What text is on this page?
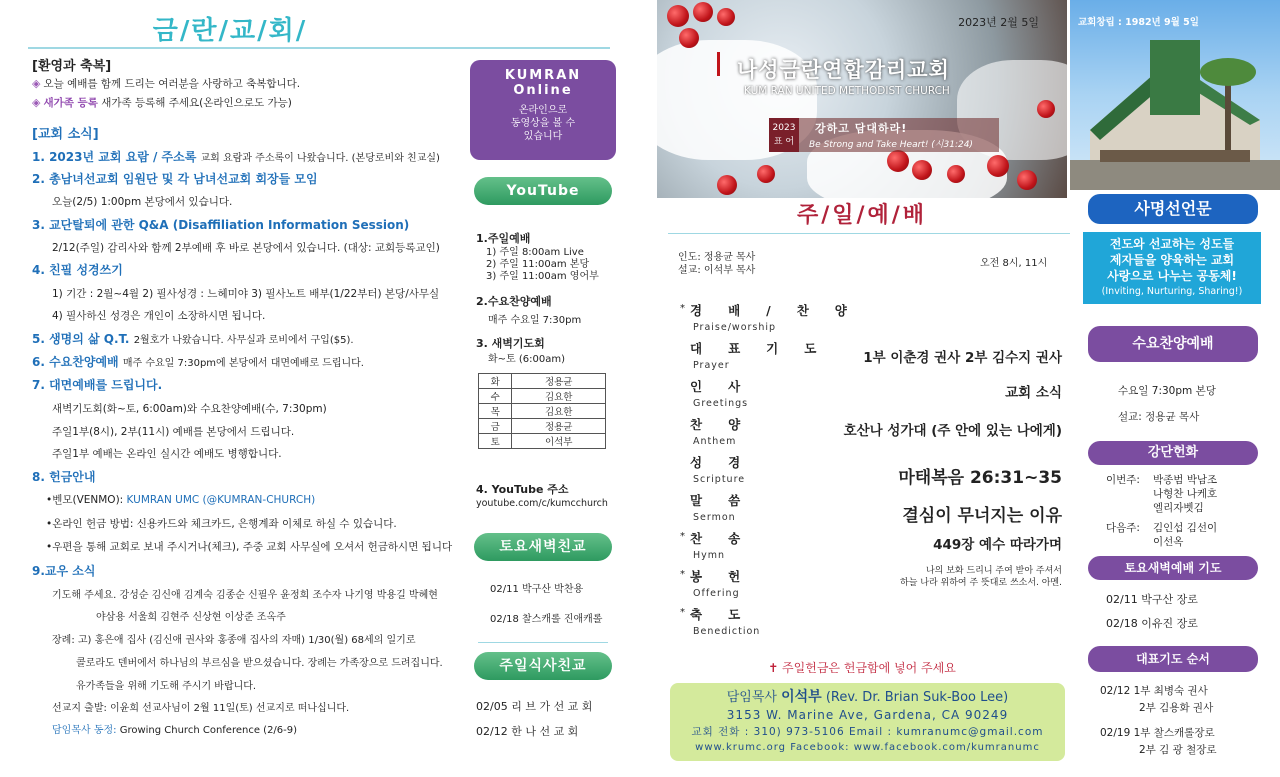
금/란/교/회/
[환영과 축복]
◈ 오늘 예배를 함께 드리는 여러분을 사랑하고 축복합니다.
◈ 새가족 등록 새가족 등록해 주세요(온라인으로도 가능)
[교회 소식]
1. 2023년 교회 요람 / 주소록 교회 요람과 주소록이 나왔습니다. (본당로비와 친교실)
2. 총남녀선교회 임원단 및 각 남녀선교회 회장들 모임
오늘(2/5) 1:00pm 본당에서 있습니다.
3. 교단탈퇴에 관한 Q&A (Disaffiliation Information Session)
2/12(주일) 감리사와 함께 2부예배 후 바로 본당에서 있습니다. (대상: 교회등록교인)
4. 친필 성경쓰기
1) 기간 : 2월~4월 2) 필사성경 : 느헤미야 3) 필사노트 배부(1/22부터) 본당/사무실
4) 필사하신 성경은 개인이 소장하시면 됩니다.
5. 생명의 삶 Q.T. 2월호가 나왔습니다. 사무실과 로비에서 구입($5).
6. 수요찬양예배 매주 수요일 7:30pm에 본당에서 대면예배로 드립니다.
7. 대면예배를 드립니다.
새벽기도회(화~토, 6:00am)와 수요찬양예배(수, 7:30pm)
주일1부(8시), 2부(11시) 예배를 본당에서 드립니다.
주일1부 예배는 온라인 실시간 예배도 병행합니다.
8. 헌금안내
•벤모(VENMO): KUMRAN UMC (@KUMRAN-CHURCH)
•온라인 헌금 방법: 신용카드와 체크카드, 은행계좌 이체로 하실 수 있습니다.
•우편을 통해 교회로 보내 주시거나(체크), 주중 교회 사무실에 오셔서 헌금하시면 됩니다
9.교우 소식
기도해 주세요. 강성순 김신애 김계숙 김종순 신필우 윤정희 조수자 나기영 박용길 박혜현
야삼용 서울희 김현주 신상현 이상준 조옥주
장례: 고) 홍은애 집사 (김신애 권사와 홍종애 집사의 자매) 1/30(월) 68세의 일기로
콜로라도 덴버에서 하나님의 부르심을 받으셨습니다. 장례는 가족장으로 드려집니다.
유가족들을 위해 기도해 주시기 바랍니다.
선교지 출발: 이윤희 선교사님이 2월 11일(토) 선교지로 떠나십니다.
담임목사 동정: Growing Church Conference (2/6-9)
KUMRAN
Online
온라인으로
동영상을 볼 수
있습니다
YouTube
1.주일예배
1) 주일 8:00am Live
2) 주일 11:00am 본당
3) 주일 11:00am 영어부
2.수요찬양예배
매주 수요일 7:30pm
3. 새벽기도회
화~토 (6:00am)
화	정용균
수	김요한
목	김요한
금	정용균
토	이석부
4. YouTube 주소
youtube.com/c/kumcchurch
토요새벽친교
02/11 박구산 박찬용
02/18 찰스캐롤 진애캐롤
주일식사친교
02/05 리 브 가 선 교 회
02/12 한 나 선 교 회
2023년 2월 5일
나성금란연합감리교회
KUM RAN UNITED METHODIST CHURCH
강하고 담대하라!
Be Strong and Take Heart! (시31:24)
2023
표 어
교회창립 : 1982년 9월 5일
주/일/예/배
인도: 정용균 목사
설교: 이석부 목사
오전 8시, 11시
* 경배/찬양
Praise/worship
대표기도
Prayer	1부 이춘경 권사 2부 김수지 권사
인사
Greetings
교회 소식
찬양
Anthem
호산나 성가대 (주 안에 있는 나에게)
성경
Scripture	마태복음 26:31~35
말씀
Sermon	결심이 무너지는 이유
* 찬송
Hymn
449장 예수 따라가며
* 봉헌
Offering
* 축도
Benediction
나의 보화 드리니 주여 받아 주셔서
하늘 나라 위하여 주 뜻대로 쓰소서. 아멘.
✝ 주일헌금은 헌금함에 넣어 주세요
담임목사 이석부 (Rev. Dr. Brian Suk-Boo Lee)
3153 W. Marine Ave, Gardena, CA 90249
교회 전화 : 310) 973-5106 Email : kumranumc@gmail.com
www.krumc.org Facebook: www.facebook.com/kumranumc
사명선언문
전도와 선교하는 성도들
제자들을 양육하는 교회
사랑으로 나누는 공동체!
(Inviting, Nurturing, Sharing!)
수요찬양예배
수요일 7:30pm 본당
설교: 정용균 목사
강단헌화
이번주: 박종범 박남조
나형찬 나케호
엘리자벳김
다음주: 김인섭 김선이
이선옥
토요새벽예배 기도
02/11 박구산 장로
02/18 이유진 장로
대표기도 순서
02/12 1부 최병숙 권사
2부 김용화 권사
02/19 1부 찰스캐롤장로
2부 김 광 철장로
